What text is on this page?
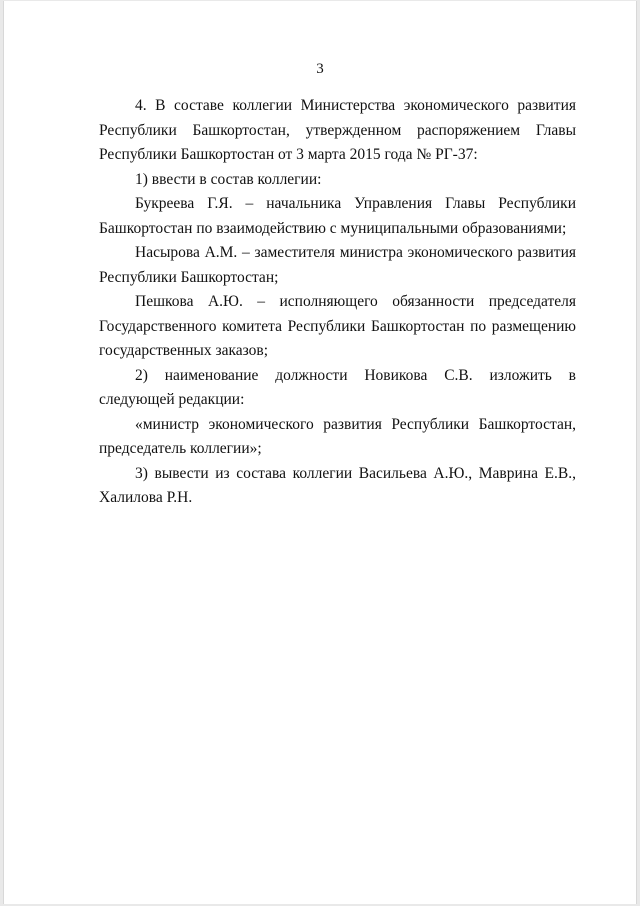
3

4. В составе коллегии Министерства экономического развития Республики Башкортостан, утвержденном распоряжением Главы Республики Башкортостан от 3 марта 2015 года № РГ-37:

1) ввести в состав коллегии:

Букреева Г.Я. – начальника Управления Главы Республики Башкортостан по взаимодействию с муниципальными образованиями;

Насырова А.М. – заместителя министра экономического развития Республики Башкортостан;

Пешкова А.Ю. – исполняющего обязанности председателя Государственного комитета Республики Башкортостан по размещению государственных заказов;

2) наименование должности Новикова С.В. изложить в следующей редакции:

«министр экономического развития Республики Башкортостан, председатель коллегии»;

3) вывести из состава коллегии Васильева А.Ю., Маврина Е.В., Халилова Р.Н.
